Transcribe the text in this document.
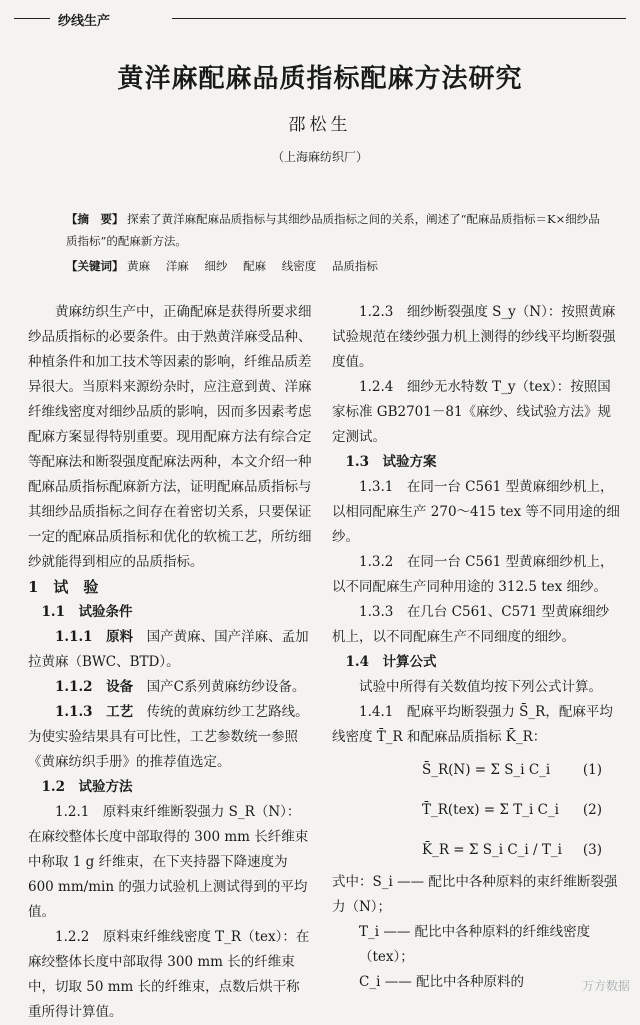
纱线生产
黄洋麻配麻品质指标配麻方法研究
邵松生
（上海麻纺织厂）
【摘　要】 探索了黄洋麻配麻品质指标与其细纱品质指标之间的关系，阐述了“配麻品质指标＝K×细纱品质指标”的配麻新方法。
【关键词】 黄麻 洋麻 细纱 配麻 线密度 品质指标

黄麻纺织生产中，正确配麻是获得所要求细纱品质指标的必要条件。由于熟黄洋麻受品种、种植条件和加工技术等因素的影响，纤维品质差异很大。当原料来源纷杂时，应注意到黄、洋麻纤维线密度对细纱品质的影响，因而多因素考虑配麻方案显得特别重要。现用配麻方法有综合定等配麻法和断裂强度配麻法两种，本文介绍一种配麻品质指标配麻新方法，证明配麻品质指标与其细纱品质指标之间存在着密切关系，只要保证一定的配麻品质指标和优化的软梳工艺，所纺细纱就能得到相应的品质指标。

1　试　验

1.1　试验条件

1.1.1　原料　 国产黄麻、国产洋麻、孟加拉黄麻（BWC、BTD）。

1.1.2　设备　 国产C系列黄麻纺纱设备。

1.1.3　工艺　 传统的黄麻纺纱工艺路线。为使实验结果具有可比性，工艺参数统一参照《黄麻纺织手册》的推荐值选定。

1.2　试验方法

1.2.1　 原料束纤维断裂强力 S_R（N）：在麻绞整体长度中部取得的 300 mm 长纤维束中称取 1 g 纤维束，在下夹持器下降速度为 600 mm/min 的强力试验机上测试得到的平均值。

1.2.2　 原料束纤维线密度 T_R（tex）：在麻绞整体长度中部取得 300 mm 长的纤维束中，切取 50 mm 长的纤维束，点数后烘干称重所得计算值。

1.2.3　 细纱断裂强度 S_y（N）：按照黄麻试验规范在缕纱强力机上测得的纱线平均断裂强度值。

1.2.4　 细纱无水特数 T_y（tex）：按照国家标准 GB2701－81《麻纱、线试验方法》规定测试。

1.3　试验方案

1.3.1　 在同一台 C561 型黄麻细纱机上，以相同配麻生产 270～415 tex 等不同用途的细纱。

1.3.2　 在同一台 C561 型黄麻细纱机上，以不同配麻生产同种用途的 312.5 tex 细纱。

1.3.3　 在几台 C561、C571 型黄麻细纱机上，以不同配麻生产不同细度的细纱。

1.4　计算公式

试验中所得有关数值均按下列公式计算。

1.4.1　 配麻平均断裂强力 S̄_R，配麻平均线密度 T̄_R 和配麻品质指标 K̄_R：

S̄_R(N) = Σ S_i C_i (1)
T̄_R(tex) = Σ T_i C_i (2)
K̄_R = Σ S_i C_i / T_i (3)

式中：S_i —— 配比中各种原料的束纤维断裂强力（N）；

T_i —— 配比中各种原料的纤维线密度（tex）；

C_i —— 配比中各种原料的	万方数据
